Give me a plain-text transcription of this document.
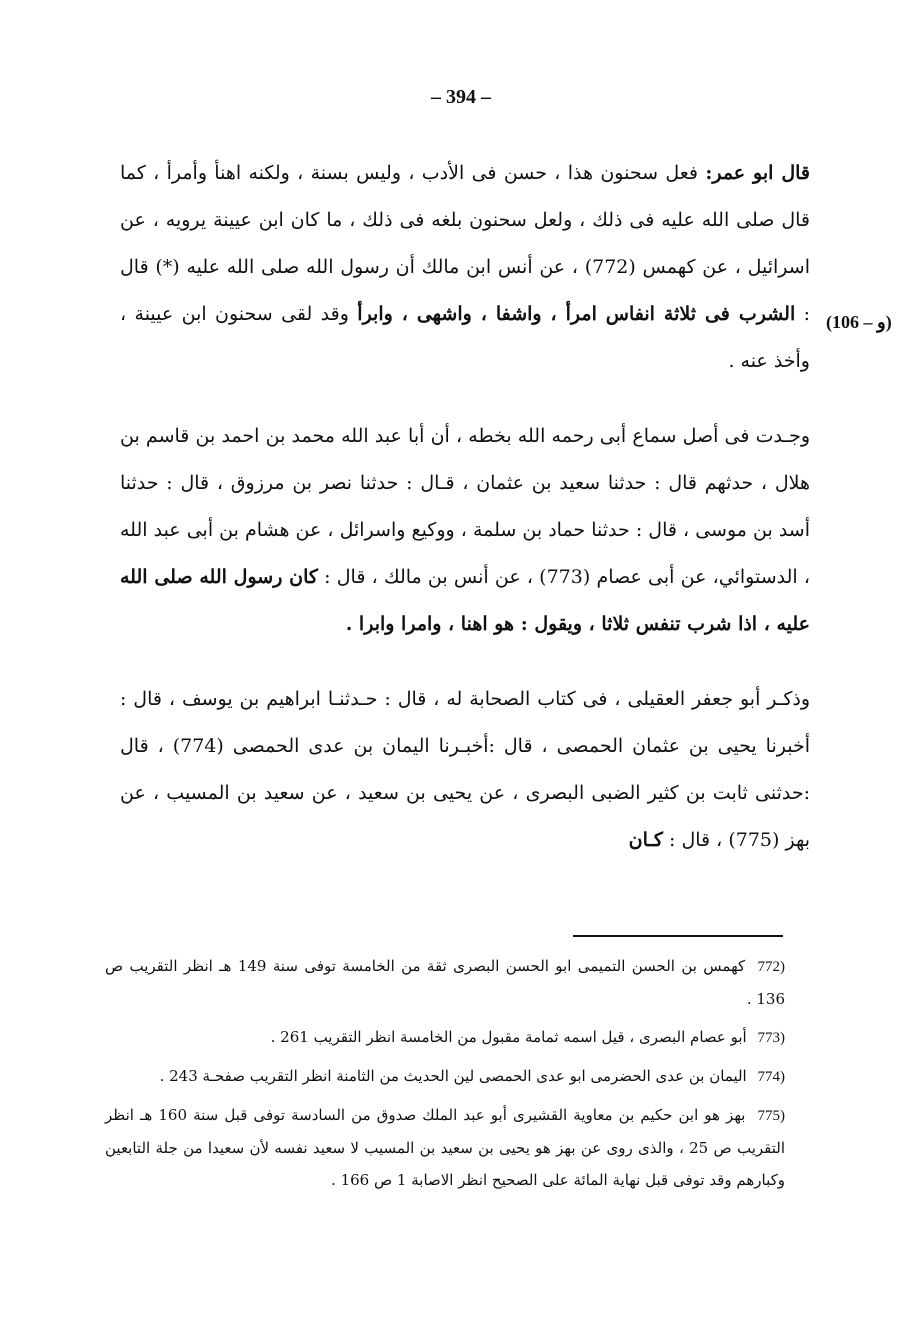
– 394 –
(106 – و)

قال ابو عمر: فعل سحنون هذا ، حسن فى الأدب ، وليس بسنة ، ولكنه اهنأ وأمرأ ، كما قال صلى الله عليه فى ذلك ، ولعل سحنون بلغه فى ذلك ، ما كان ابن عيينة يرويه ، عن اسرائيل ، عن كهمس (772) ، عن أنس ابن مالك أن رسول الله صلى الله عليه (*) قال : الشرب فى ثلاثة انفاس امرأ ، واشفا ، واشهى ، وابرأ وقد لقى سحنون ابن عيينة ، وأخذ عنه .

وجـدت فى أصل سماع أبى رحمه الله بخطه ، أن أبا عبد الله محمد بن احمد بن قاسم بن هلال ، حدثهم قال : حدثنا سعيد بن عثمان ، قـال : حدثنا نصر بن مرزوق ، قال : حدثنا أسد بن موسى ، قال : حدثنا حماد بن سلمة ، ووكيع واسرائل ، عن هشام بن أبى عبد الله ، الدستوائي، عن أبى عصام (773) ، عن أنس بن مالك ، قال : كان رسول الله صلى الله عليه ، اذا شرب تنفس ثلاثا ، ويقول : هو اهنا ، وامرا وابرا .

وذكـر أبو جعفر العقيلى ، فى كتاب الصحابة له ، قال : حـدثنـا ابراهيم بن يوسف ، قال : أخبرنا يحيى بن عثمان الحمصى ، قال :أخبـرنا اليمان بن عدى الحمصى (774) ، قال :حدثنى ثابت بن كثير الضبى البصرى ، عن يحيى بن سعيد ، عن سعيد بن المسيب ، عن بهز (775) ، قال : كـان

(772 كهمس بن الحسن التميمى ابو الحسن البصرى ثقة من الخامسة توفى سنة 149 هـ انظر التقريب ص 136 .

(773 أبو عصام البصرى ، قيل اسمه ثمامة مقبول من الخامسة انظر التقريب 261 .

(774 اليمان بن عدى الحضرمى ابو عدى الحمصى لين الحديث من الثامنة انظر التقريب صفحـة 243 .

(775 بهز هو ابن حكيم بن معاوية القشيرى أبو عبد الملك صدوق من السادسة توفى قبل سنة 160 هـ انظر التقريب ص 25 ، والذى روى عن بهز هو يحيى بن سعيد بن المسيب لا سعيد نفسه لأن سعيدا من جلة التابعين وكبارهم وقد توفى قبل نهاية المائة على الصحيح انظر الاصابة 1 ص 166 .
